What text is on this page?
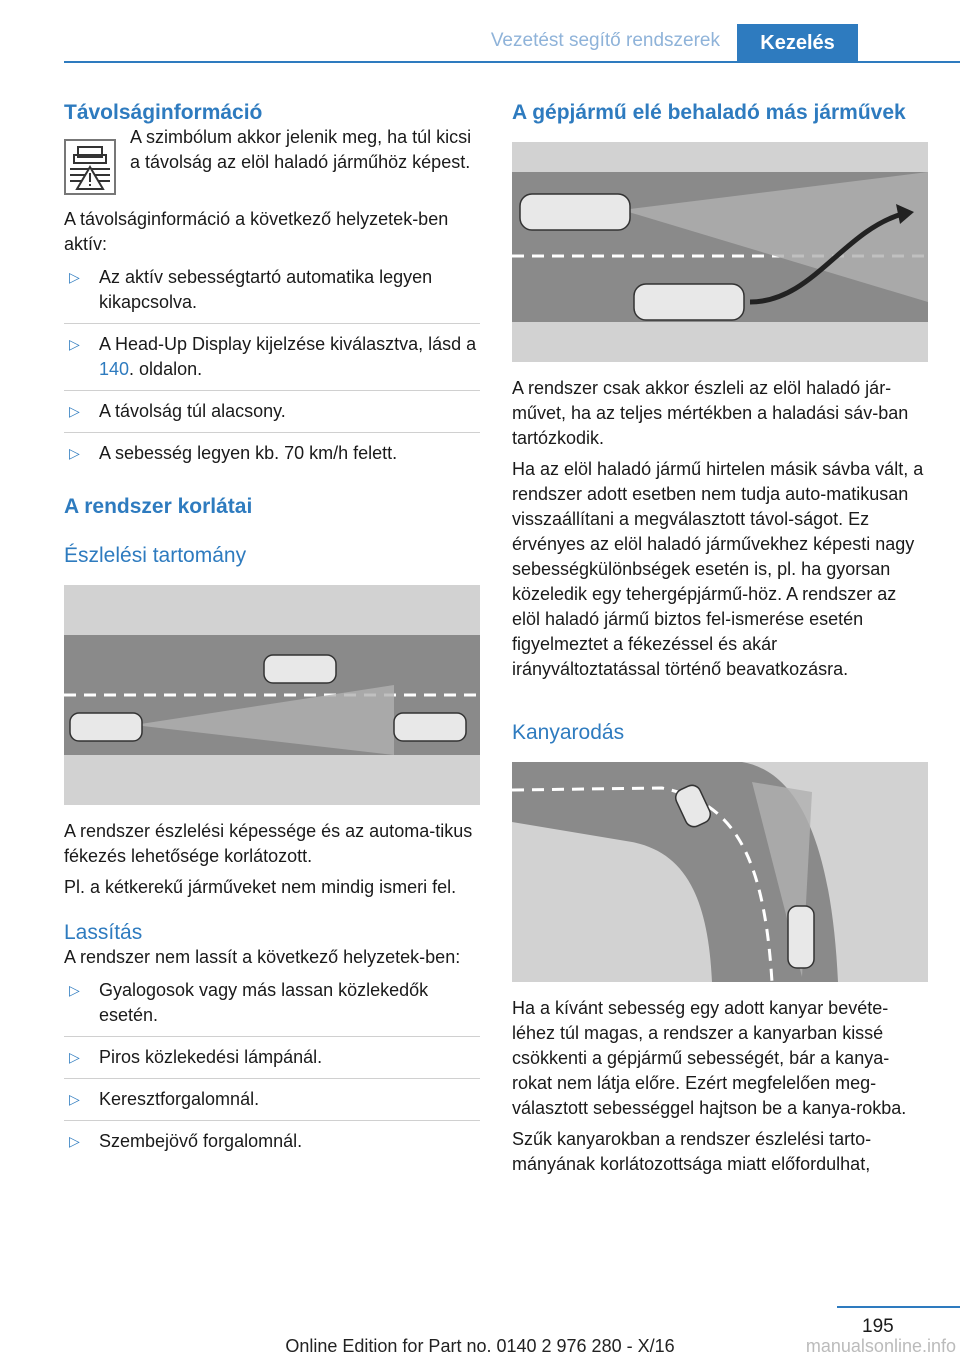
Vezetést segítő rendszerek	Kezelés
Távolságinformáció

A szimbólum akkor jelenik meg, ha túl kicsi a távolság az elöl haladó járműhöz képest.

A távolságinformáció a következő helyzetek-ben aktív:

▷ Az aktív sebességtartó automatika legyen kikapcsolva.
▷ A Head-Up Display kijelzése kiválasztva, lásd a 140. oldalon.
▷ A távolság túl alacsony.
▷ A sebesség legyen kb. 70 km/h felett.
A rendszer korlátai
Észlelési tartomány

A rendszer észlelési képessége és az automa-tikus fékezés lehetősége korlátozott.

Pl. a kétkerekű járműveket nem mindig ismeri fel.

Lassítás

A rendszer nem lassít a következő helyzetek-ben:

▷ Gyalogosok vagy más lassan közlekedők esetén.
▷ Piros közlekedési lámpánál.
▷ Keresztforgalomnál.
▷ Szembejövő forgalomnál.
A gépjármű elé behaladó más járművek

A rendszer csak akkor észleli az elöl haladó jár-művet, ha az teljes mértékben a haladási sáv-ban tartózkodik.

Ha az elöl haladó jármű hirtelen másik sávba vált, a rendszer adott esetben nem tudja auto-matikusan visszaállítani a megválasztott távol-ságot. Ez érvényes az elöl haladó járművekhez képesti nagy sebességkülönbségek esetén is, pl. ha gyorsan közeledik egy tehergépjármű-höz. A rendszer az elöl haladó jármű biztos fel-ismerése esetén figyelmeztet a fékezéssel és akár irányváltoztatással történő beavatkozásra.

Kanyarodás

Ha a kívánt sebesség egy adott kanyar bevéte-léhez túl magas, a rendszer a kanyarban kissé csökkenti a gépjármű sebességét, bár a kanya-rokat nem látja előre. Ezért megfelelően meg-választott sebességgel hajtson be a kanya-rokba.

Szűk kanyarokban a rendszer észlelési tarto-mányának korlátozottsága miatt előfordulhat,

195
Online Edition for Part no. 0140 2 976 280 - X/16	manualsonline.info
